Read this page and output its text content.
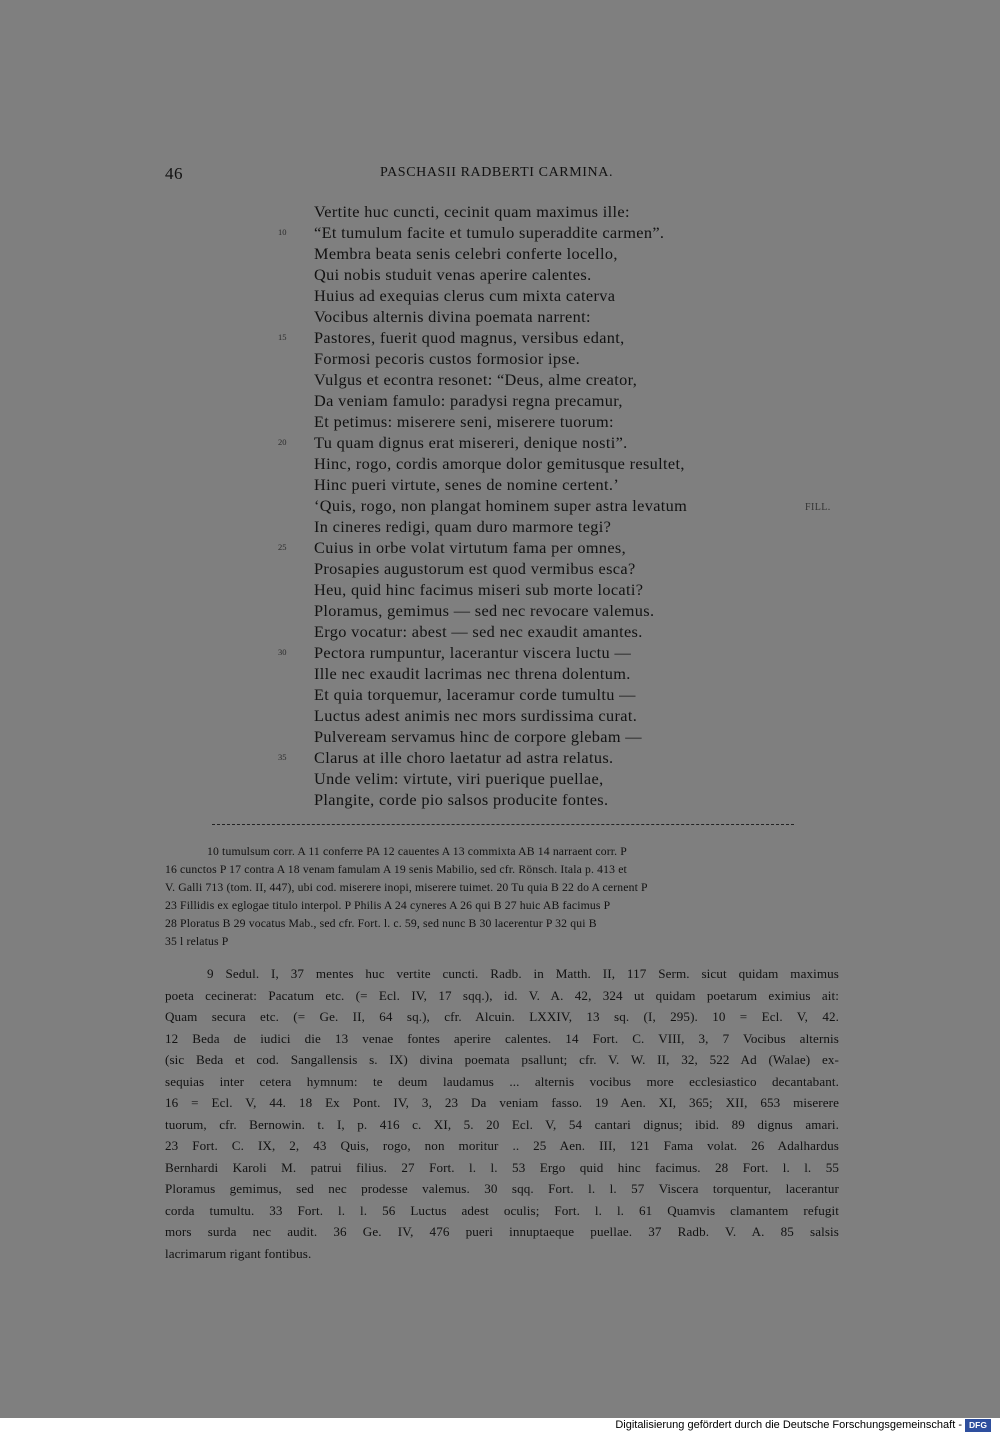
46	PASCHASII RADBERTI CARMINA.
Vertite huc cuncti, cecinit quam maximus ille:
10	“Et tumulum facite et tumulo superaddite carmen”.
Membra beata senis celebri conferte locello,
Qui nobis studuit venas aperire calentes.
Huius ad exequias clerus cum mixta caterva
Vocibus alternis divina poemata narrent:
15	Pastores, fuerit quod magnus, versibus edant,
Formosi pecoris custos formosior ipse.
Vulgus et econtra resonet: “Deus, alme creator,
Da veniam famulo: paradysi regna precamur,
Et petimus: miserere seni, miserere tuorum:
20	Tu quam dignus erat misereri, denique nosti”.
Hinc, rogo, cordis amorque dolor gemitusque resultet,
Hinc pueri virtute, senes de nomine certent.’
‘Quis, rogo, non plangat hominem super astra levatum	FILL.
In cineres redigi, quam duro marmore tegi?
25	Cuius in orbe volat virtutum fama per omnes,
Prosapies augustorum est quod vermibus esca?
Heu, quid hinc facimus miseri sub morte locati?
Ploramus, gemimus — sed nec revocare valemus.
Ergo vocatur: abest — sed nec exaudit amantes.
30	Pectora rumpuntur, lacerantur viscera luctu —
Ille nec exaudit lacrimas nec threna dolentum.
Et quia torquemur, laceramur corde tumultu —
Luctus adest animis nec mors surdissima curat.
Pulveream servamus hinc de corpore glebam —
35	Clarus at ille choro laetatur ad astra relatus.
Unde velim: virtute, viri puerique puellae,
Plangite, corde pio salsos producite fontes.
10 tumulsum corr. A 11 conferre PA 12 cauentes A 13 commixta AB 14 narraent corr. P
16 cunctos P 17 contra A 18 venam famulam A 19 senis Mabilio, sed cfr. Rönsch. Itala p. 413 et
V. Galli 713 (tom. II, 447), ubi cod. miserere inopi, miserere tuimet. 20 Tu quia B 22 do A cernent P
23 Fillidis ex eglogae titulo interpol. P Philis A 24 cyneres A 26 qui B 27 huic AB facimus P
28 Ploratus B 29 vocatus Mab., sed cfr. Fort. l. c. 59, sed nunc B 30 lacerentur P 32 qui B
35 l relatus P
9 Sedul. I, 37 mentes huc vertite cuncti. Radb. in Matth. II, 117 Serm. sicut quidam maximus
poeta cecinerat: Pacatum etc. (= Ecl. IV, 17 sqq.), id. V. A. 42, 324 ut quidam poetarum eximius ait:
Quam secura etc. (= Ge. II, 64 sq.), cfr. Alcuin. LXXIV, 13 sq. (I, 295). 10 = Ecl. V, 42.
12 Beda de iudici die 13 venae fontes aperire calentes. 14 Fort. C. VIII, 3, 7 Vocibus alternis
(sic Beda et cod. Sangallensis s. IX) divina poemata psallunt; cfr. V. W. II, 32, 522 Ad (Walae) ex-
sequias inter cetera hymnum: te deum laudamus ... alternis vocibus more ecclesiastico decantabant.
16 = Ecl. V, 44. 18 Ex Pont. IV, 3, 23 Da veniam fasso. 19 Aen. XI, 365; XII, 653 miserere
tuorum, cfr. Bernowin. t. I, p. 416 c. XI, 5. 20 Ecl. V, 54 cantari dignus; ibid. 89 dignus amari.
23 Fort. C. IX, 2, 43 Quis, rogo, non moritur .. 25 Aen. III, 121 Fama volat. 26 Adalhardus
Bernhardi Karoli M. patrui filius. 27 Fort. l. l. 53 Ergo quid hinc facimus. 28 Fort. l. l. 55
Ploramus gemimus, sed nec prodesse valemus. 30 sqq. Fort. l. l. 57 Viscera torquentur, lacerantur
corda tumultu. 33 Fort. l. l. 56 Luctus adest oculis; Fort. l. l. 61 Quamvis clamantem refugit
mors surda nec audit. 36 Ge. IV, 476 pueri innuptaeque puellae. 37 Radb. V. A. 85 salsis
lacrimarum rigant fontibus.
Digitalisierung gefördert durch die Deutsche Forschungsgemeinschaft - DFG
